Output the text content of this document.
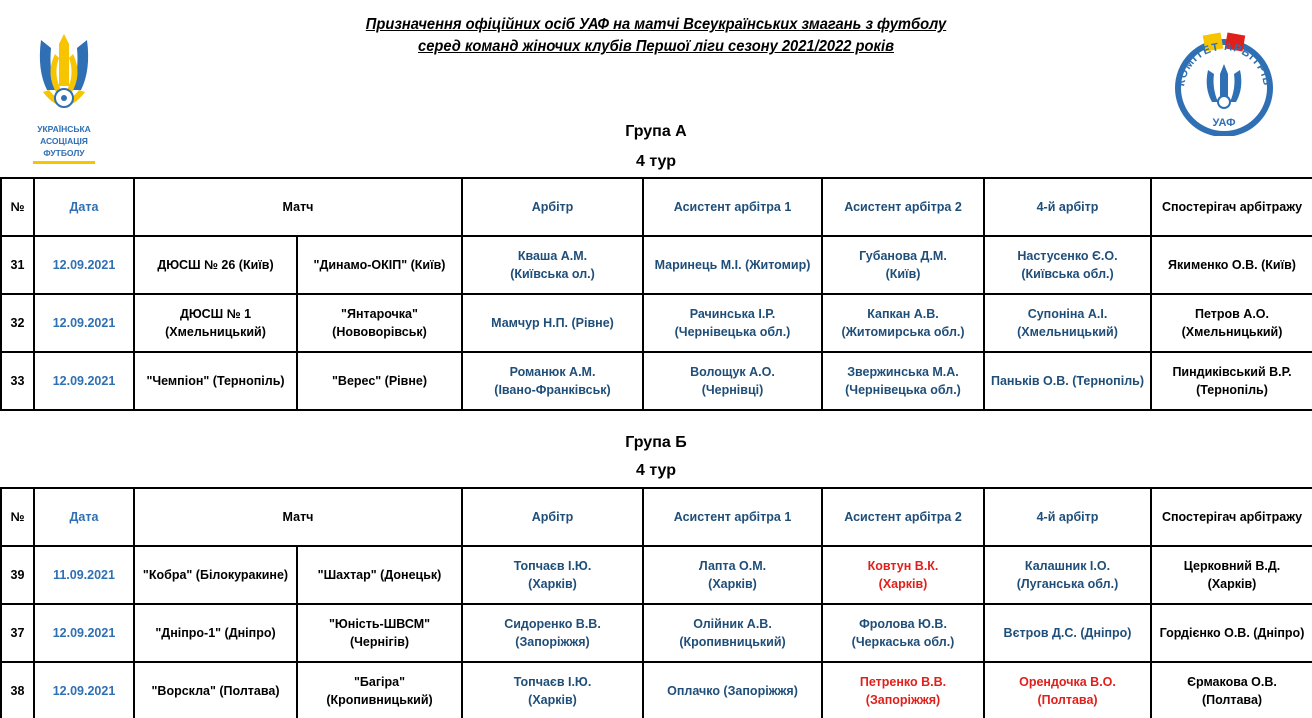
Призначення офіційних осіб УАФ на матчі Всеукраїнських змагань з футболу
серед команд жіночих клубів Першої ліги сезону 2021/2022 років
УКРАЇНСЬКА
АСОЦІАЦІЯ
ФУТБОЛУ
КОМІТЕТ АРБІТРІВ
УАФ
Група А
4 тур
№	Дата	Матч		Арбітр	Асистент арбітра 1	Асистент арбітра 2	4-й арбітр	Спостерігач арбітражу
31	12.09.2021	ДЮСШ № 26 (Київ)	"Динамо-ОКІП" (Київ)	Кваша А.М.
(Київська ол.)	Маринець М.І. (Житомир)	Губанова Д.М.
(Київ)	Настусенко Є.О.
(Київська обл.)	Якименко О.В. (Київ)

32	12.09.2021	ДЮСШ № 1
(Хмельницький)	"Янтарочка"
(Нововорівськ)	Мамчур Н.П. (Рівне)	Рачинська І.Р.
(Чернівецька обл.)	Капкан А.В.
(Житомирська обл.)	Супоніна А.І.
(Хмельницький)	Петров А.О.
(Хмельницький)

33	12.09.2021	"Чемпіон" (Тернопіль)	"Верес" (Рівне)	Романюк А.М.
(Івано-Франківськ)	Волощук А.О.
(Чернівці)	Звержинська М.А.
(Чернівецька обл.)	Паньків О.В. (Тернопіль)	Пиндиківський В.Р.
(Тернопіль)
Група Б
4 тур
№	Дата	Матч		Арбітр	Асистент арбітра 1	Асистент арбітра 2	4-й арбітр	Спостерігач арбітражу
39	11.09.2021	"Кобра" (Білокуракине)	"Шахтар" (Донецьк)	Топчаєв І.Ю.
(Харків)	Лапта О.М.
(Харків)	Ковтун В.К.
(Харків)	Калашник І.О.
(Луганська обл.)	Церковний В.Д.
(Харків)

37	12.09.2021	"Дніпро-1" (Дніпро)	"Юність-ШВСМ"
(Чернігів)	Сидоренко В.В.
(Запоріжжя)	Олійник А.В.
(Кропивницький)	Фролова Ю.В.
(Черкаська обл.)	Вєтров Д.С. (Дніпро)	Гордієнко О.В. (Дніпро)

38	12.09.2021	"Ворскла" (Полтава)	"Багіра"
(Кропивницький)	Топчаєв І.Ю.
(Харків)	Оплачко (Запоріжжя)	Петренко В.В.
(Запоріжжя)	Орендочка В.О.
(Полтава)	Єрмакова О.В.
(Полтава)
